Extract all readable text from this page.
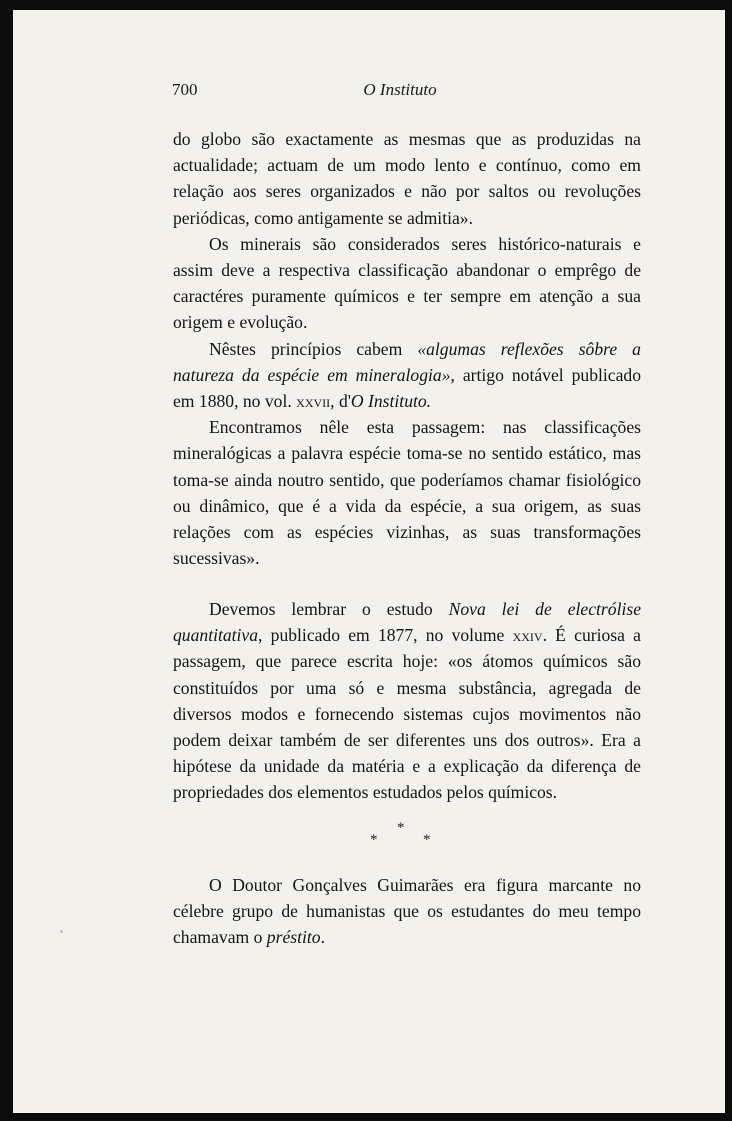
700	O Instituto

do globo são exactamente as mesmas que as produzidas na actualidade; actuam de um modo lento e contínuo, como em relação aos seres organizados e não por saltos ou revoluções periódicas, como antigamente se admitia».

Os minerais são considerados seres histórico-naturais e assim deve a respectiva classificação abandonar o emprêgo de caractéres puramente químicos e ter sempre em atenção a sua origem e evolução.

Nêstes princípios cabem «algumas reflexões sôbre a natureza da espécie em mineralogia», artigo notável publicado em 1880, no vol. xxvii, d'O Instituto.

Encontramos nêle esta passagem: nas classificações mineralógicas a palavra espécie toma-se no sentido estático, mas toma-se ainda noutro sentido, que poderíamos chamar fisiológico ou dinâmico, que é a vida da espécie, a sua origem, as suas relações com as espécies vizinhas, as suas transformações sucessivas».

Devemos lembrar o estudo Nova lei de electrólise quantitativa, publicado em 1877, no volume xxiv. É curiosa a passagem, que parece escrita hoje: «os átomos químicos são constituídos por uma só e mesma substância, agregada de diversos modos e fornecendo sistemas cujos movimentos não podem deixar também de ser diferentes uns dos outros». Era a hipótese da unidade da matéria e a explicação da diferença de propriedades dos elementos estudados pelos químicos.

*
*
*

O Doutor Gonçalves Guimarães era figura marcante no célebre grupo de humanistas que os estudantes do meu tempo chamavam o préstito.
